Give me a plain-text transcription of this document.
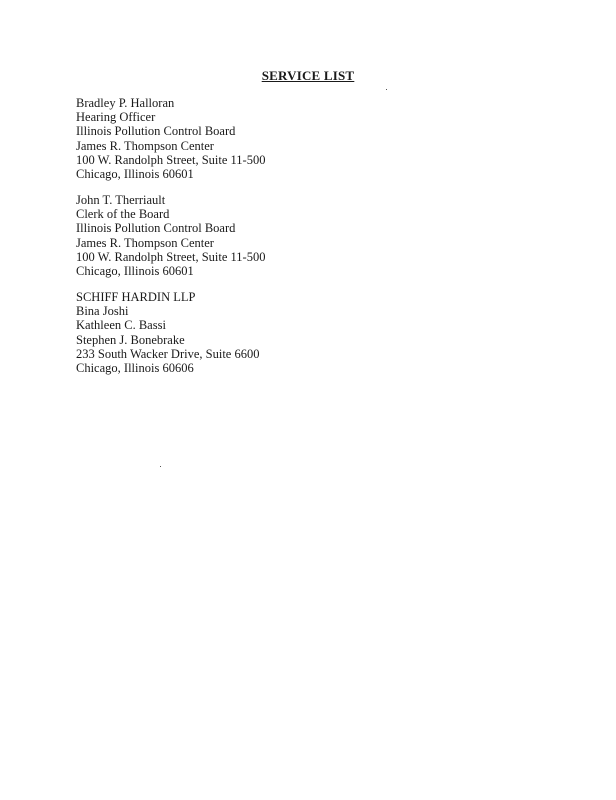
SERVICE LIST
Bradley P. Halloran
Hearing Officer
Illinois Pollution Control Board
James R. Thompson Center
100 W. Randolph Street, Suite 11-500
Chicago, Illinois 60601
John T. Therriault
Clerk of the Board
Illinois Pollution Control Board
James R. Thompson Center
100 W. Randolph Street, Suite 11-500
Chicago, Illinois 60601
SCHIFF HARDIN LLP
Bina Joshi
Kathleen C. Bassi
Stephen J. Bonebrake
233 South Wacker Drive, Suite 6600
Chicago, Illinois 60606
